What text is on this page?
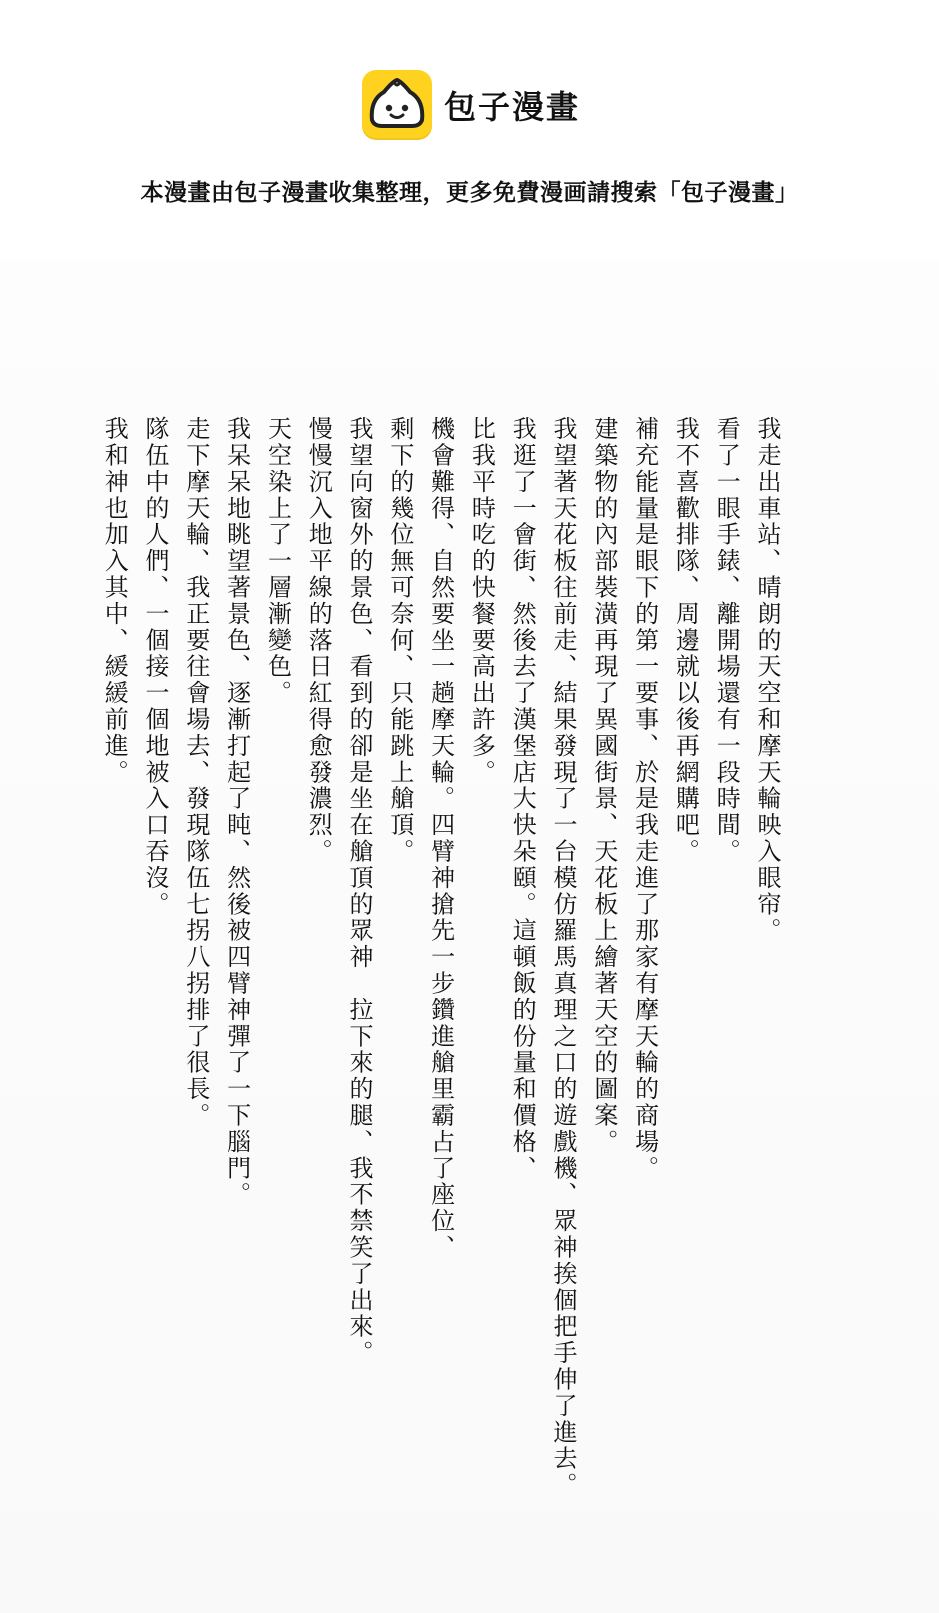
包子漫畫
本漫畫由包子漫畫收集整理，更多免費漫画請搜索「包子漫畫」
我走出車站、晴朗的天空和摩天輪映入眼帘。
看了一眼手錶、離開場還有一段時間。
我不喜歡排隊、周邊就以後再網購吧。
補充能量是眼下的第一要事、於是我走進了那家有摩天輪的商場。
建築物的內部裝潢再現了異國街景、天花板上繪著天空的圖案。
我望著天花板往前走、結果發現了一台模仿羅馬真理之口的遊戲機、眾神挨個把手伸了進去。
我逛了一會街、然後去了漢堡店大快朵頤。這頓飯的份量和價格、
比我平時吃的快餐要高出許多。
機會難得、自然要坐一趟摩天輪。四臂神搶先一步鑽進艙里霸占了座位、
剩下的幾位無可奈何、只能跳上艙頂。
我望向窗外的景色、看到的卻是坐在艙頂的眾神　拉下來的腿、我不禁笑了出來。
慢慢沉入地平線的落日紅得愈發濃烈。
天空染上了一層漸變色。
我呆呆地眺望著景色、逐漸打起了盹、然後被四臂神彈了一下腦門。
走下摩天輪、我正要往會場去、發現隊伍七拐八拐排了很長。
隊伍中的人們、一個接一個地被入口吞沒。
我和神也加入其中、緩緩前進。
